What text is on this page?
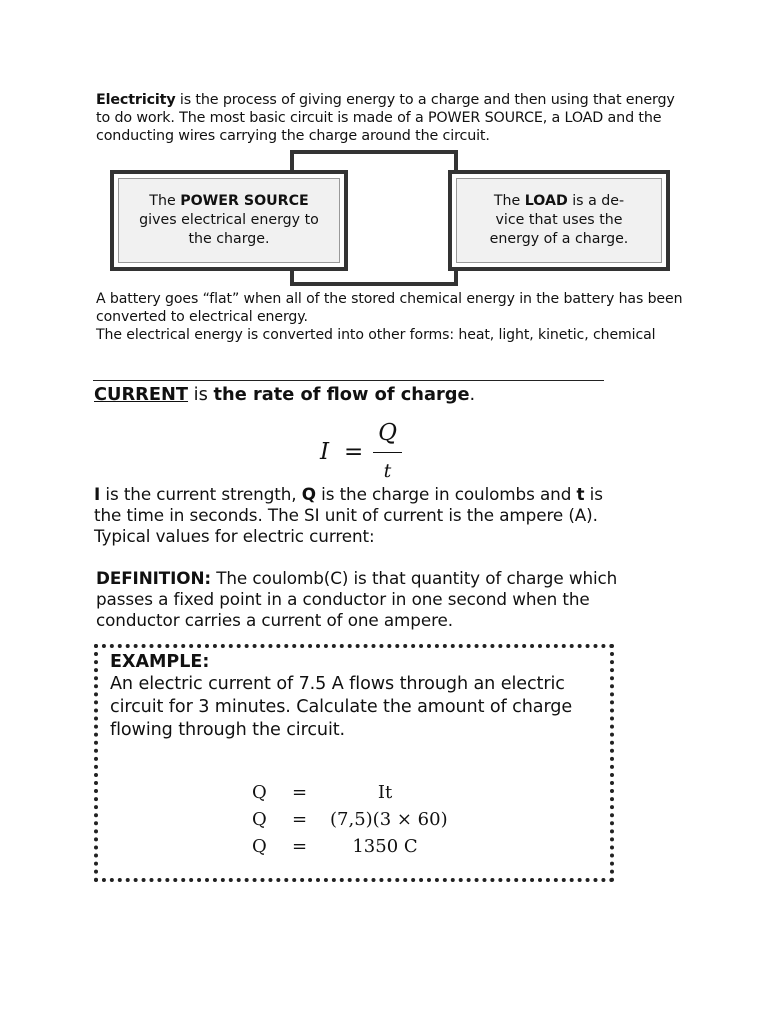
Electricity is the process of giving energy to a charge and then using that energy to do work. The most basic circuit is made of a POWER SOURCE, a LOAD and the conducting wires carrying the charge around the circuit.
The POWER SOURCE
gives electrical energy to the charge.
The LOAD is a de-vice that uses the energy of a charge.
A battery goes “flat” when all of the stored chemical energy in the battery has been converted to electrical energy.
The electrical energy is converted into other forms: heat, light, kinetic, chemical
CURRENT is the rate of flow of charge.
I =
Q
t
I is the current strength, Q is the charge in coulombs and t is the time in seconds. The SI unit of current is the ampere (A). Typical values for electric current:
DEFINITION: The coulomb(C) is that quantity of charge which passes a fixed point in a conductor in one second when the conductor carries a current of one ampere.
EXAMPLE:
An electric current of 7.5 A flows through an electric circuit for 3 minutes. Calculate the amount of charge flowing through the circuit.
Q =	It
Q = (7,5)(3 × 60)
Q =	1350 C
